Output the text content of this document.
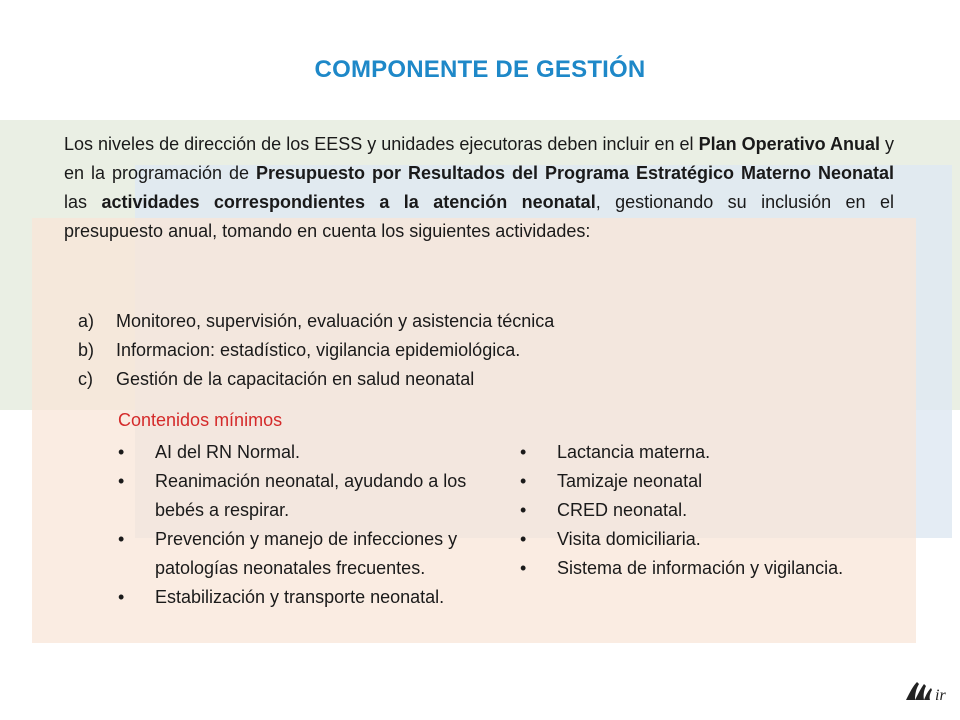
COMPONENTE DE GESTIÓN

Los niveles de dirección de los EESS y unidades ejecutoras deben incluir en el Plan Operativo Anual y en la programación de Presupuesto por Resultados del Programa Estratégico Materno Neonatal las actividades correspondientes a la atención neonatal, gestionando su inclusión en el presupuesto anual, tomando en cuenta los siguientes actividades:

a)	Monitoreo, supervisión, evaluación y asistencia técnica
b)	Informacion: estadístico, vigilancia epidemiológica.
c)	Gestión de la capacitación en salud neonatal
Contenidos mínimos
• AI del RN Normal.
• Reanimación neonatal, ayudando a los bebés a respirar.
• Prevención y manejo de infecciones y patologías neonatales frecuentes.
• Estabilización y transporte neonatal.
• Lactancia materna.
• Tamizaje neonatal
• CRED neonatal.
• Visita domiciliaria.
• Sistema de información y vigilancia.
ir
